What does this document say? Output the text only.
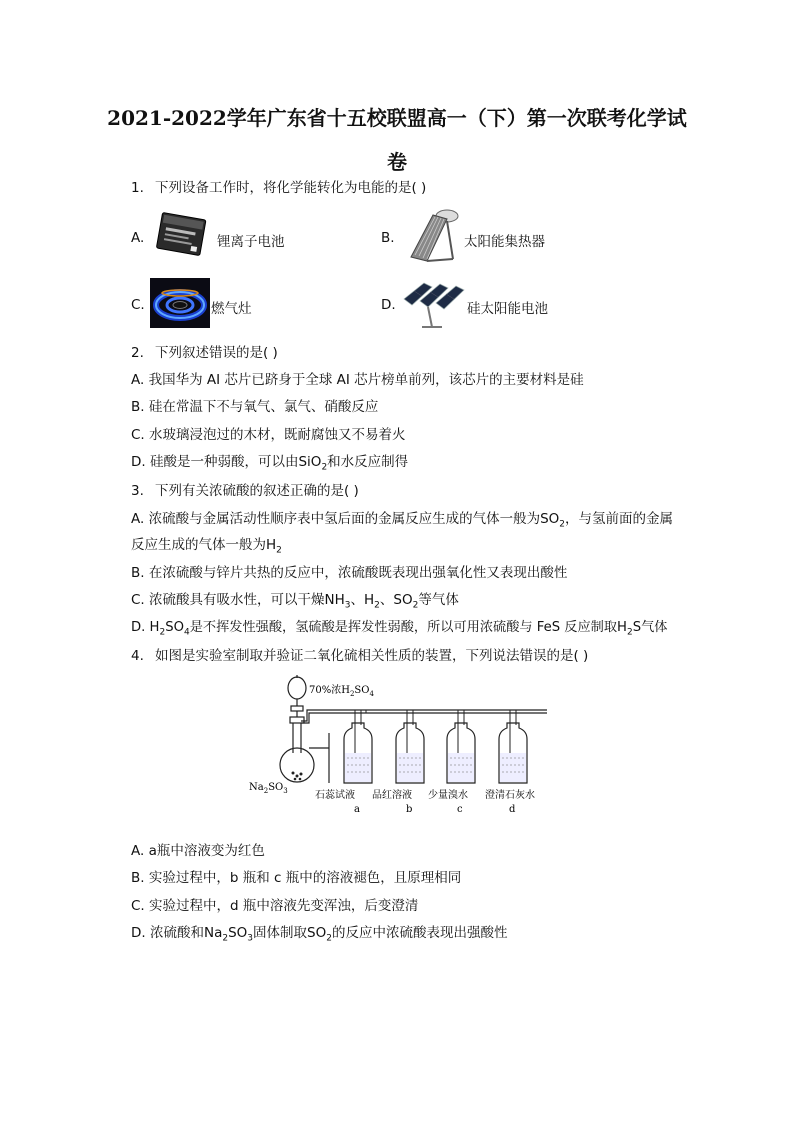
2021-2022学年广东省十五校联盟高一（下）第一次联考化学试
卷
1. 下列设备工作时，将化学能转化为电能的是( )
A.	锂离子电池	B.	太阳能集热器
C.	燃气灶	D.	硅太阳能电池
2. 下列叙述错误的是( )
A. 我国华为 AI 芯片已跻身于全球 AI 芯片榜单前列，该芯片的主要材料是硅
B. 硅在常温下不与氧气、氯气、硝酸反应
C. 水玻璃浸泡过的木材，既耐腐蚀又不易着火
D. 硅酸是一种弱酸，可以由SiO$_2$和水反应制得
3. 下列有关浓硫酸的叙述正确的是( )
A. 浓硫酸与金属活动性顺序表中氢后面的金属反应生成的气体一般为$SO_2$，与氢前面的金属
反应生成的气体一般为$H_2$
B. 在浓硫酸与锌片共热的反应中，浓硫酸既表现出强氧化性又表现出酸性
C. 浓硫酸具有吸水性，可以干燥$NH_3$、$H_2$、$SO_2$等气体
D. $H_2SO_4$是不挥发性强酸，氢硫酸是挥发性弱酸，所以可用浓硫酸与 FeS 反应制取$H_2S$气体
4. 如图是实验室制取并验证二氧化硫相关性质的装置，下列说法错误的是( )
70%浓$H_2SO_4$
$Na_2SO_3$	石蕊试液
a
品红溶液
b
少量溴水
c
澄清石灰水
d
A. a瓶中溶液变为红色
B. 实验过程中，b 瓶和 c 瓶中的溶液褪色，且原理相同
C. 实验过程中，d 瓶中溶液先变浑浊，后变澄清
D. 浓硫酸和$Na_2SO_3$固体制取$SO_2$的反应中浓硫酸表现出强酸性
